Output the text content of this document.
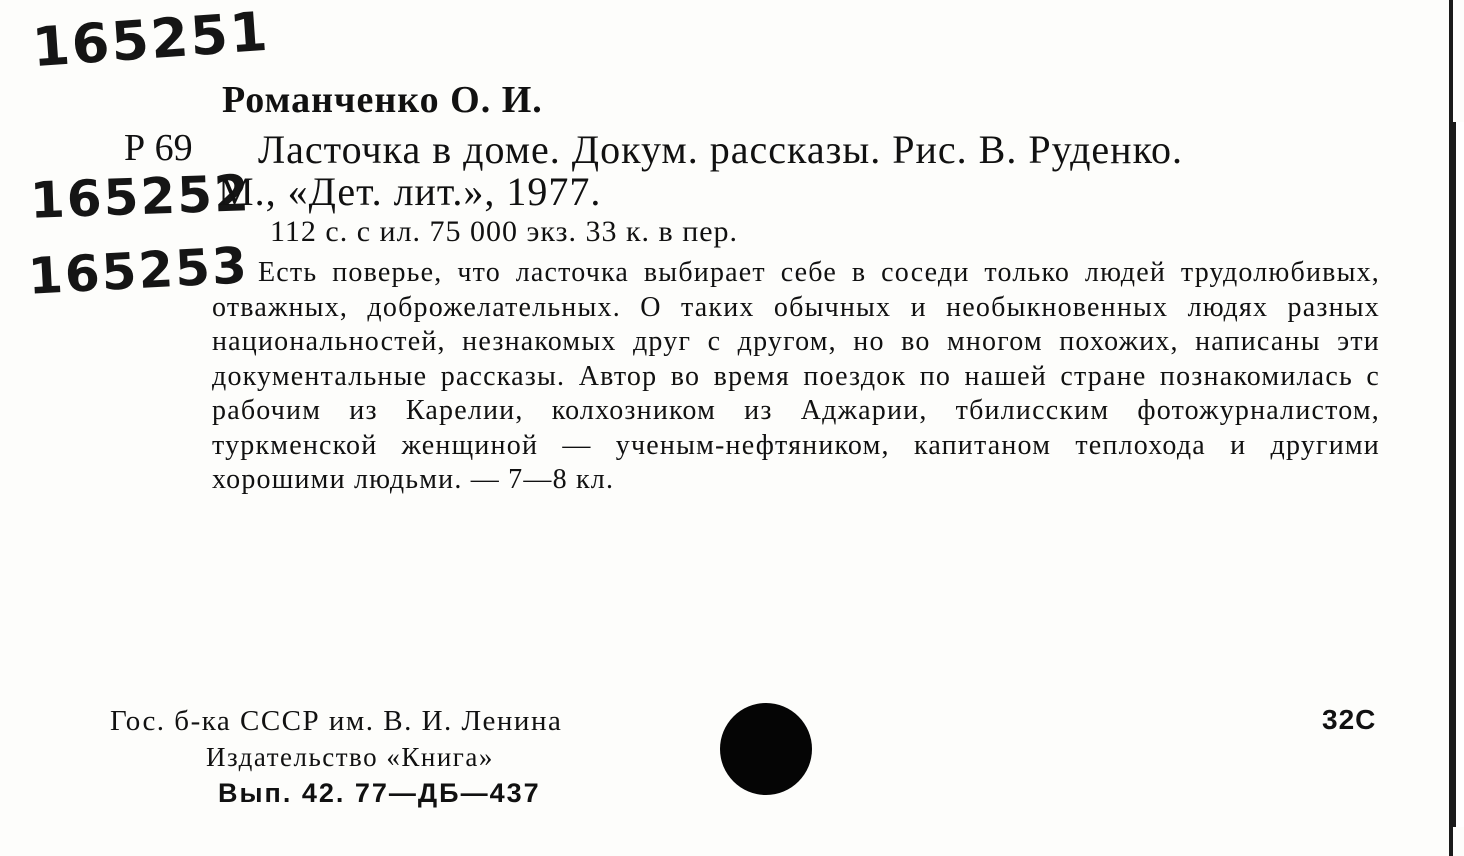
165251
165252
165253
Романченко О. И.
Р 69 Ласточка в доме. Докум. рассказы. Рис. В. Руденко.
М., «Дет. лит.», 1977.
112 с. с ил. 75 000 экз. 33 к. в пер.
Есть поверье, что ласточка выбирает себе в соседи только людей трудолюбивых, отважных, доброжелательных. О таких обычных и необыкновенных людях разных национальностей, незнакомых друг с другом, но во многом похожих, написаны эти документальные рассказы. Автор во время поездок по нашей стране познакомилась с рабочим из Карелии, колхозником из Аджарии, тбилисским фотожурналистом, туркменской женщиной — ученым-нефтяником, капитаном теплохода и другими хорошими людьми. — 7—8 кл.
Гос. б-ка СССР им. В. И. Ленина
Издательство «Книга»
Вып. 42. 77—ДБ—437
32С
